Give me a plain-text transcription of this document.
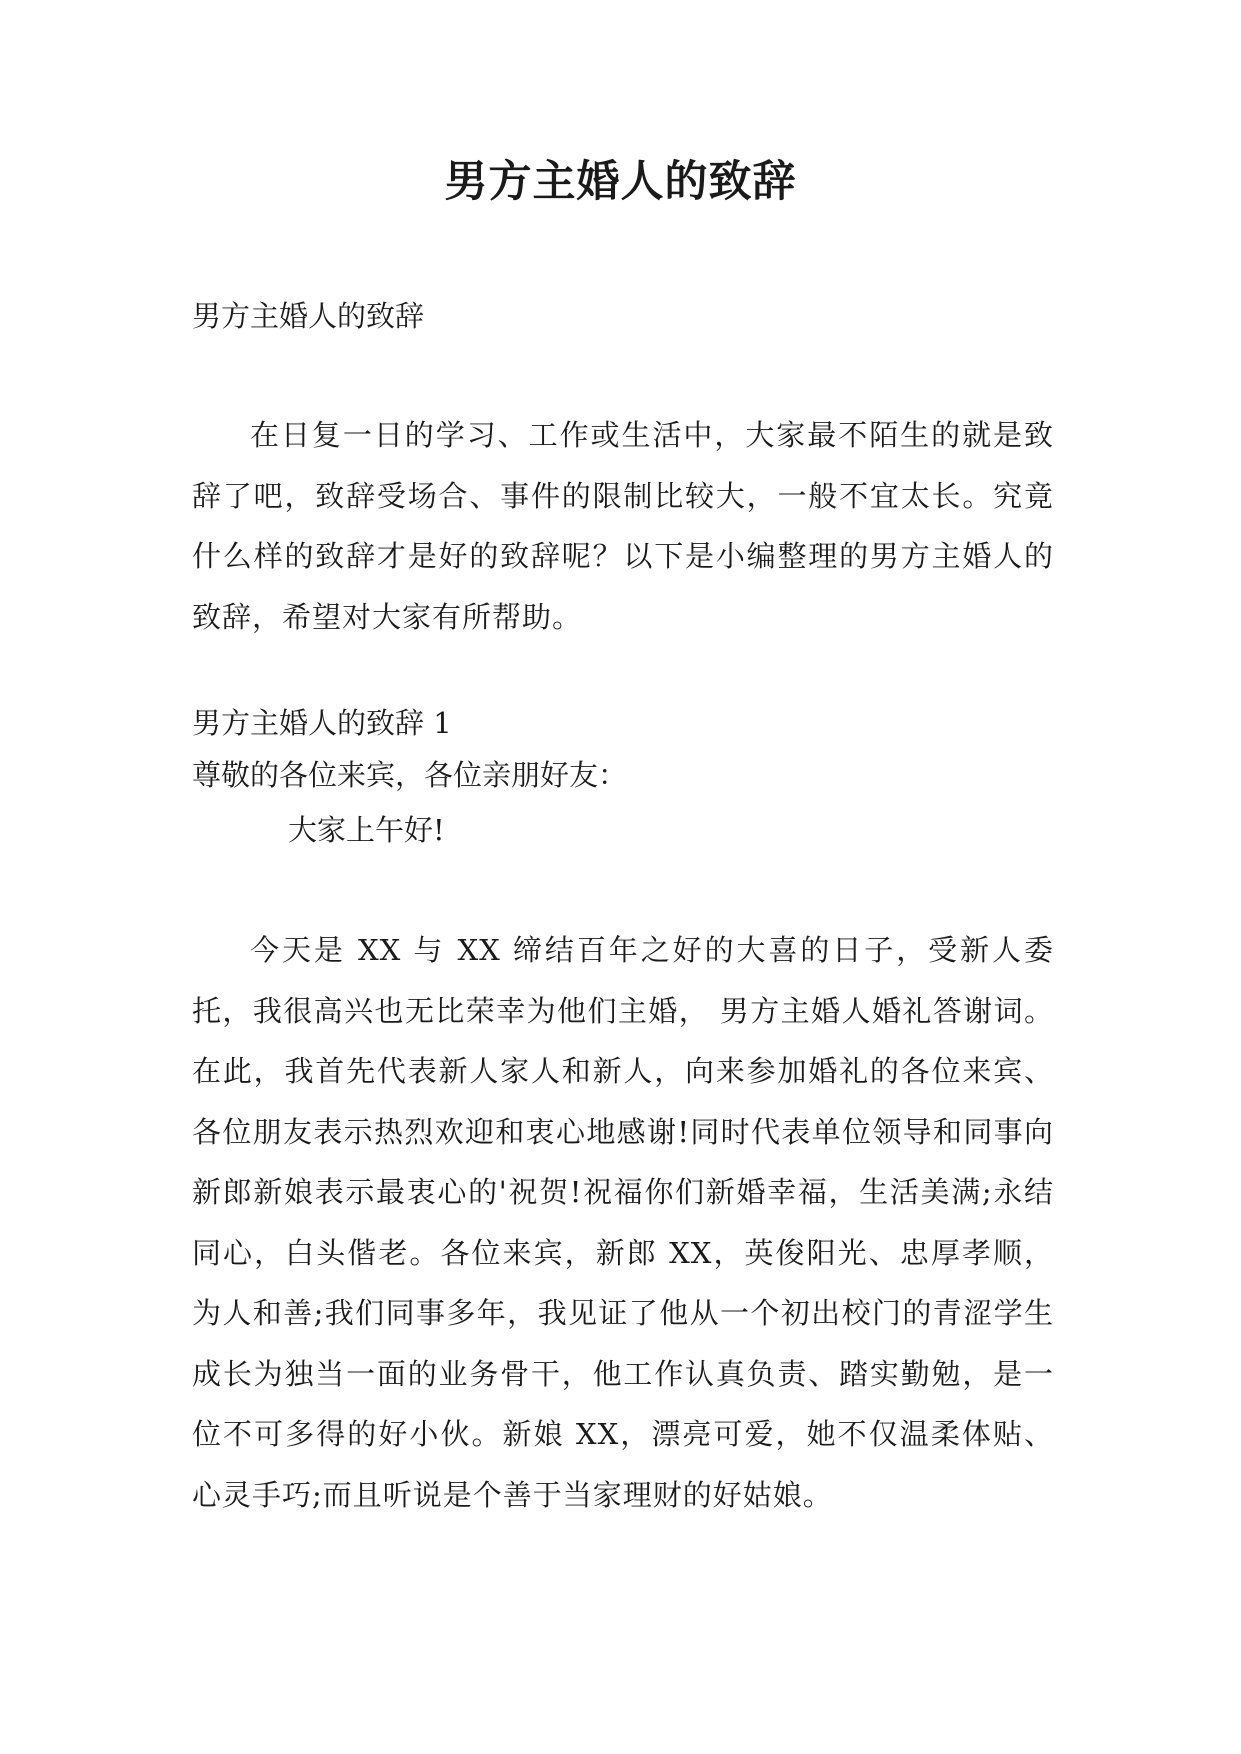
男方主婚人的致辞

男方主婚人的致辞

在日复一日的学习、工作或生活中，大家最不陌生的就是致辞了吧，致辞受场合、事件的限制比较大，一般不宜太长。究竟什么样的致辞才是好的致辞呢？以下是小编整理的男方主婚人的致辞，希望对大家有所帮助。

男方主婚人的致辞 1

尊敬的各位来宾，各位亲朋好友：

大家上午好!

今天是 XX 与 XX 缔结百年之好的大喜的日子，受新人委托，我很高兴也无比荣幸为他们主婚， 男方主婚人婚礼答谢词。在此，我首先代表新人家人和新人，向来参加婚礼的各位来宾、各位朋友表示热烈欢迎和衷心地感谢!同时代表单位领导和同事向新郎新娘表示最衷心的'祝贺!祝福你们新婚幸福，生活美满;永结同心，白头偕老。各位来宾，新郎 XX，英俊阳光、忠厚孝顺，为人和善;我们同事多年，我见证了他从一个初出校门的青涩学生成长为独当一面的业务骨干，他工作认真负责、踏实勤勉，是一位不可多得的好小伙。新娘 XX，漂亮可爱，她不仅温柔体贴、心灵手巧;而且听说是个善于当家理财的好姑娘。
